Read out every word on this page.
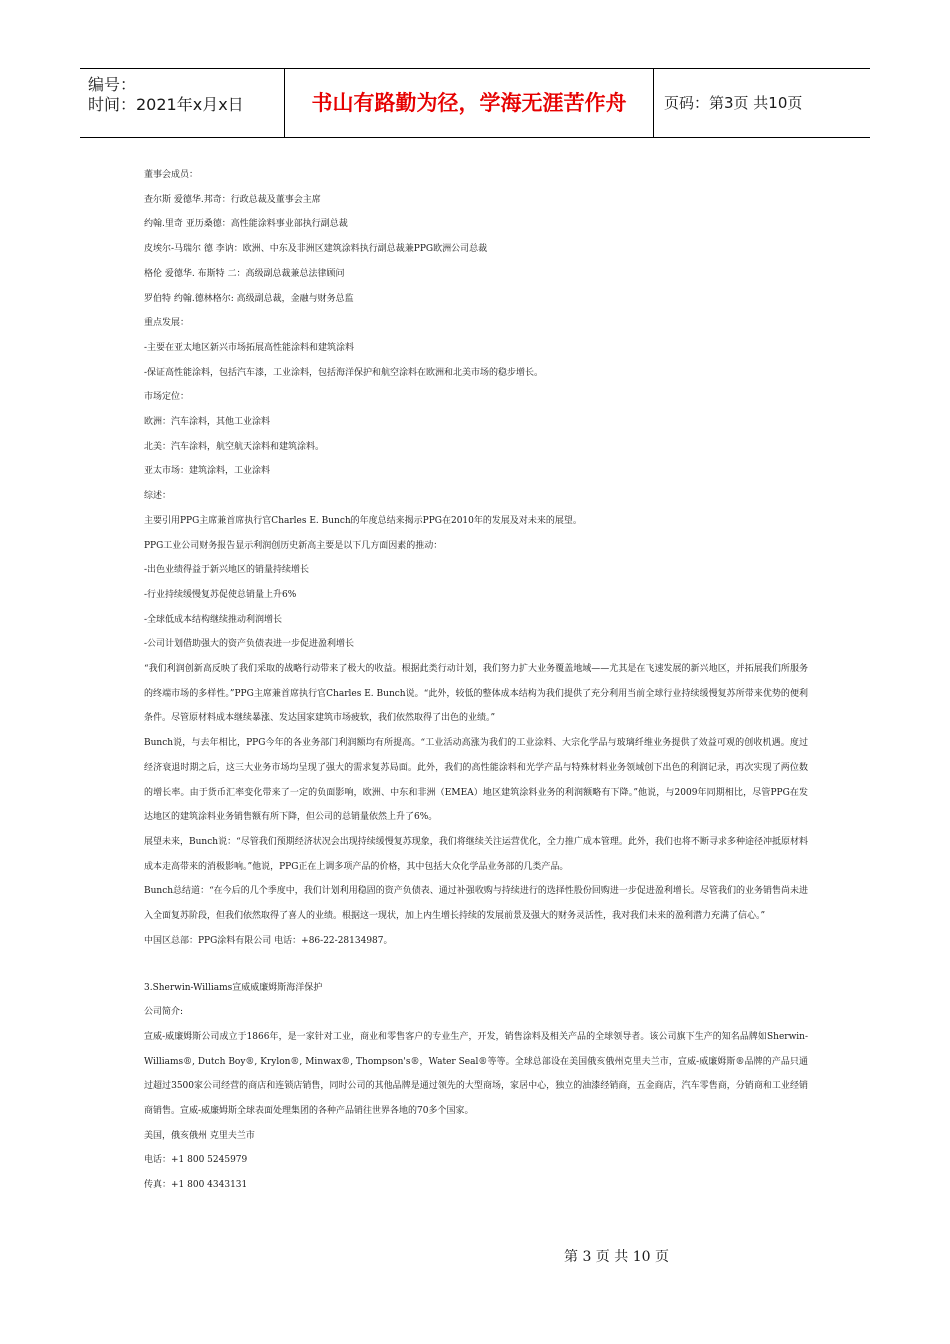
编号：
时间：2021年x月x日	书山有路勤为径，学海无涯苦作舟	页码：第3页 共10页

董事会成员：

查尔斯 爱德华.邦奇：行政总裁及董事会主席

约翰.里奇 亚历桑德：高性能涂料事业部执行副总裁

皮埃尔-马瑞尔 德 李讷：欧洲、中东及非洲区建筑涂料执行副总裁兼PPG欧洲公司总裁

格伦 爱德华. 布斯特 二：高级副总裁兼总法律顾问

罗伯特 约翰.德林格尔: 高级副总裁，金融与财务总监

重点发展：

-主要在亚太地区新兴市场拓展高性能涂料和建筑涂料

-保证高性能涂料，包括汽车漆，工业涂料，包括海洋保护和航空涂料在欧洲和北美市场的稳步增长。

市场定位：

欧洲：汽车涂料，其他工业涂料

北美：汽车涂料，航空航天涂料和建筑涂料。

亚太市场：建筑涂料，工业涂料

综述：

主要引用PPG主席兼首席执行官Charles E. Bunch的年度总结来揭示PPG在2010年的发展及对未来的展望。

PPG工业公司财务报告显示利润创历史新高主要是以下几方面因素的推动：

-出色业绩得益于新兴地区的销量持续增长

-行业持续缓慢复苏促使总销量上升6%

-全球低成本结构继续推动利润增长

-公司计划借助强大的资产负债表进一步促进盈利增长

“我们利润创新高反映了我们采取的战略行动带来了极大的收益。根据此类行动计划，我们努力扩大业务覆盖地域——尤其是在飞速发展的新兴地区，并拓展我们所服务的终端市场的多样性。”PPG主席兼首席执行官Charles E. Bunch说。“此外，较低的整体成本结构为我们提供了充分利用当前全球行业持续缓慢复苏所带来优势的便利条件。尽管原材料成本继续暴涨、发达国家建筑市场疲软，我们依然取得了出色的业绩。”

Bunch说，与去年相比，PPG今年的各业务部门利润额均有所提高。“工业活动高涨为我们的工业涂料、大宗化学品与玻璃纤维业务提供了效益可观的创收机遇。度过经济衰退时期之后，这三大业务市场均呈现了强大的需求复苏局面。此外，我们的高性能涂料和光学产品与特殊材料业务领域创下出色的利润记录，再次实现了两位数的增长率。由于货币汇率变化带来了一定的负面影响，欧洲、中东和非洲（EMEA）地区建筑涂料业务的利润额略有下降。”他说，与2009年同期相比，尽管PPG在发达地区的建筑涂料业务销售额有所下降，但公司的总销量依然上升了6%。

展望未来，Bunch说：“尽管我们预期经济状况会出现持续缓慢复苏现象，我们将继续关注运营优化，全力推广成本管理。此外，我们也将不断寻求多种途径冲抵原材料成本走高带来的消极影响。”他说，PPG正在上调多项产品的价格，其中包括大众化学品业务部的几类产品。

Bunch总结道：“在今后的几个季度中，我们计划利用稳固的资产负债表、通过补强收购与持续进行的选择性股份回购进一步促进盈利增长。尽管我们的业务销售尚未进入全面复苏阶段，但我们依然取得了喜人的业绩。根据这一现状，加上内生增长持续的发展前景及强大的财务灵活性，我对我们未来的盈利潜力充满了信心。”

中国区总部：PPG涂料有限公司 电话：+86-22-28134987。

3.Sherwin-Williams宣威威廉姆斯海洋保护

公司简介:

宣威-威廉姆斯公司成立于1866年，是一家针对工业，商业和零售客户的专业生产，开发，销售涂料及相关产品的全球领导者。该公司旗下生产的知名品牌如Sherwin-Williams®, Dutch Boy®, Krylon®, Minwax®, Thompson's®，Water Seal®等等。全球总部设在美国俄亥俄州克里夫兰市，宣威-威廉姆斯®品牌的产品只通过超过3500家公司经营的商店和连锁店销售，同时公司的其他品牌是通过领先的大型商场，家居中心，独立的油漆经销商，五金商店，汽车零售商，分销商和工业经销商销售。宣威-威廉姆斯全球表面处理集团的各种产品销往世界各地的70多个国家。

美国，俄亥俄州 克里夫兰市

电话：+1 800 5245979

传真：+1 800 4343131

第 3 页 共 10 页
